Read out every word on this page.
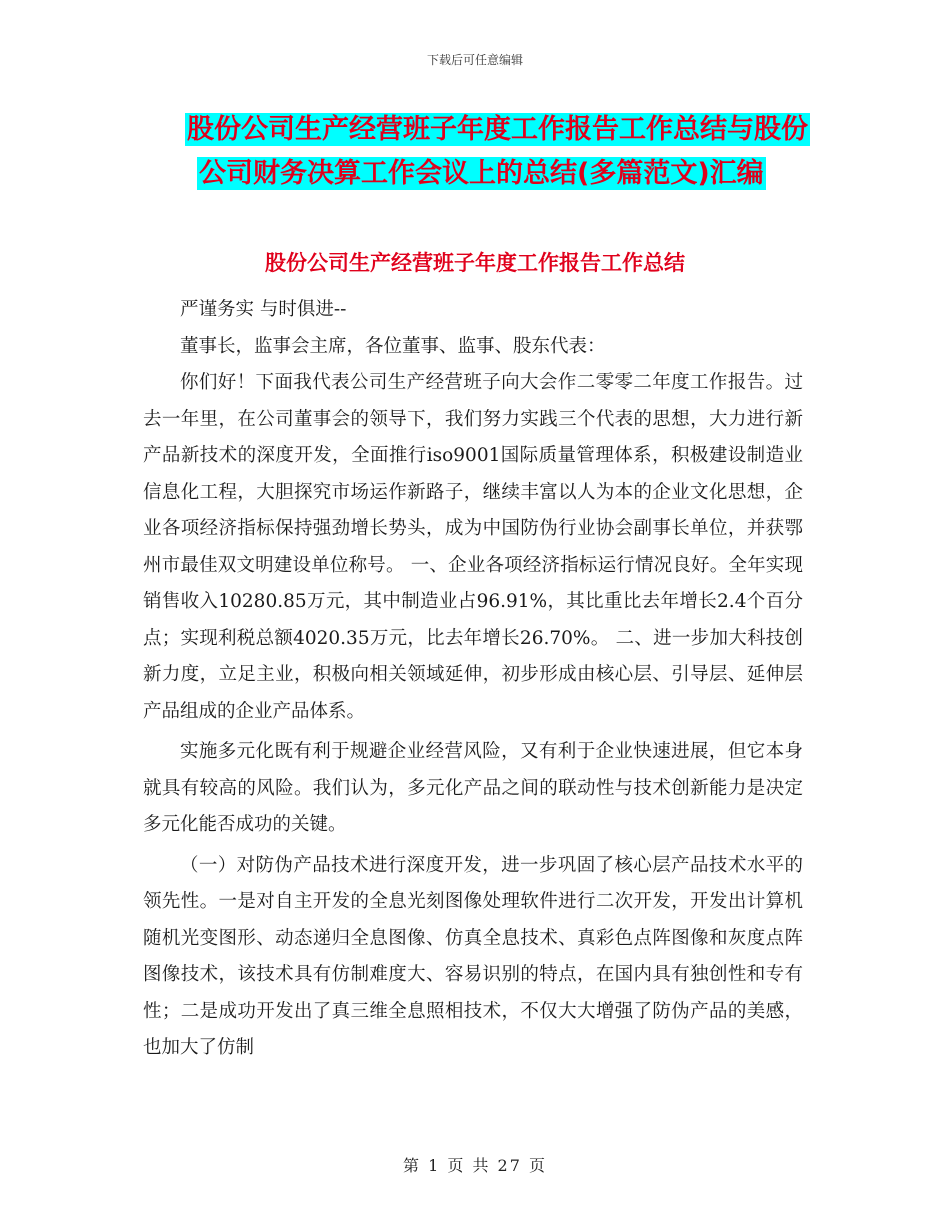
下载后可任意编辑
股份公司生产经营班子年度工作报告工作总结与股份
公司财务决算工作会议上的总结(多篇范文)汇编
股份公司生产经营班子年度工作报告工作总结

严谨务实 与时俱进--

董事长，监事会主席，各位董事、监事、股东代表：

你们好！下面我代表公司生产经营班子向大会作二零零二年度工作报告。过去一年里，在公司董事会的领导下，我们努力实践三个代表的思想，大力进行新产品新技术的深度开发，全面推行iso9001国际质量管理体系，积极建设制造业信息化工程，大胆探究市场运作新路子，继续丰富以人为本的企业文化思想，企业各项经济指标保持强劲增长势头，成为中国防伪行业协会副事长单位，并获鄂州市最佳双文明建设单位称号。 一、企业各项经济指标运行情况良好。全年实现销售收入10280.85万元，其中制造业占96.91%，其比重比去年增长2.4个百分点；实现利税总额4020.35万元，比去年增长26.70%。 二、进一步加大科技创新力度，立足主业，积极向相关领域延伸，初步形成由核心层、引导层、延伸层产品组成的企业产品体系。

实施多元化既有利于规避企业经营风险，又有利于企业快速进展，但它本身就具有较高的风险。我们认为，多元化产品之间的联动性与技术创新能力是决定多元化能否成功的关键。

（一）对防伪产品技术进行深度开发，进一步巩固了核心层产品技术水平的领先性。一是对自主开发的全息光刻图像处理软件进行二次开发，开发出计算机随机光变图形、动态递归全息图像、仿真全息技术、真彩色点阵图像和灰度点阵图像技术，该技术具有仿制难度大、容易识别的特点，在国内具有独创性和专有性；二是成功开发出了真三维全息照相技术，不仅大大增强了防伪产品的美感，也加大了仿制

第 1 页 共 27 页
